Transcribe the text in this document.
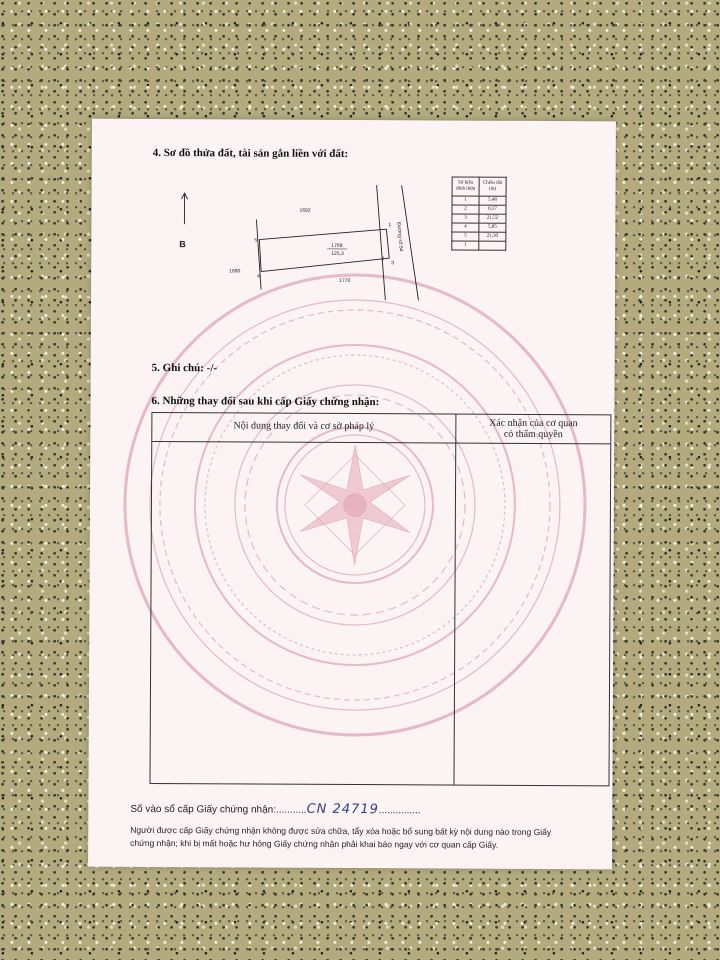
4. Sơ đồ thửa đất, tài sản gắn liền với đất:
B
1692
1680
1770
1769
125,3
1
2
3
4
5	Đường số 54
Số hiệu đỉnh thửa	Chiều dài (m)
1	5,48
2	0,37
3	21,52
4	5,85
5	21,30
1	
5. Ghi chú: -/-
6. Những thay đổi sau khi cấp Giấy chứng nhận:
Nội dung thay đổi và cơ sở pháp lý	Xác nhận của cơ quan
có thẩm quyền
Số vào sổ cấp Giấy chứng nhận:...........CN 24719...............
Người được cấp Giấy chứng nhận không được sửa chữa, tẩy xóa hoặc bổ sung bất kỳ nội dung nào trong Giấy chứng nhận; khi bị mất hoặc hư hỏng Giấy chứng nhận phải khai báo ngay với cơ quan cấp Giấy.
